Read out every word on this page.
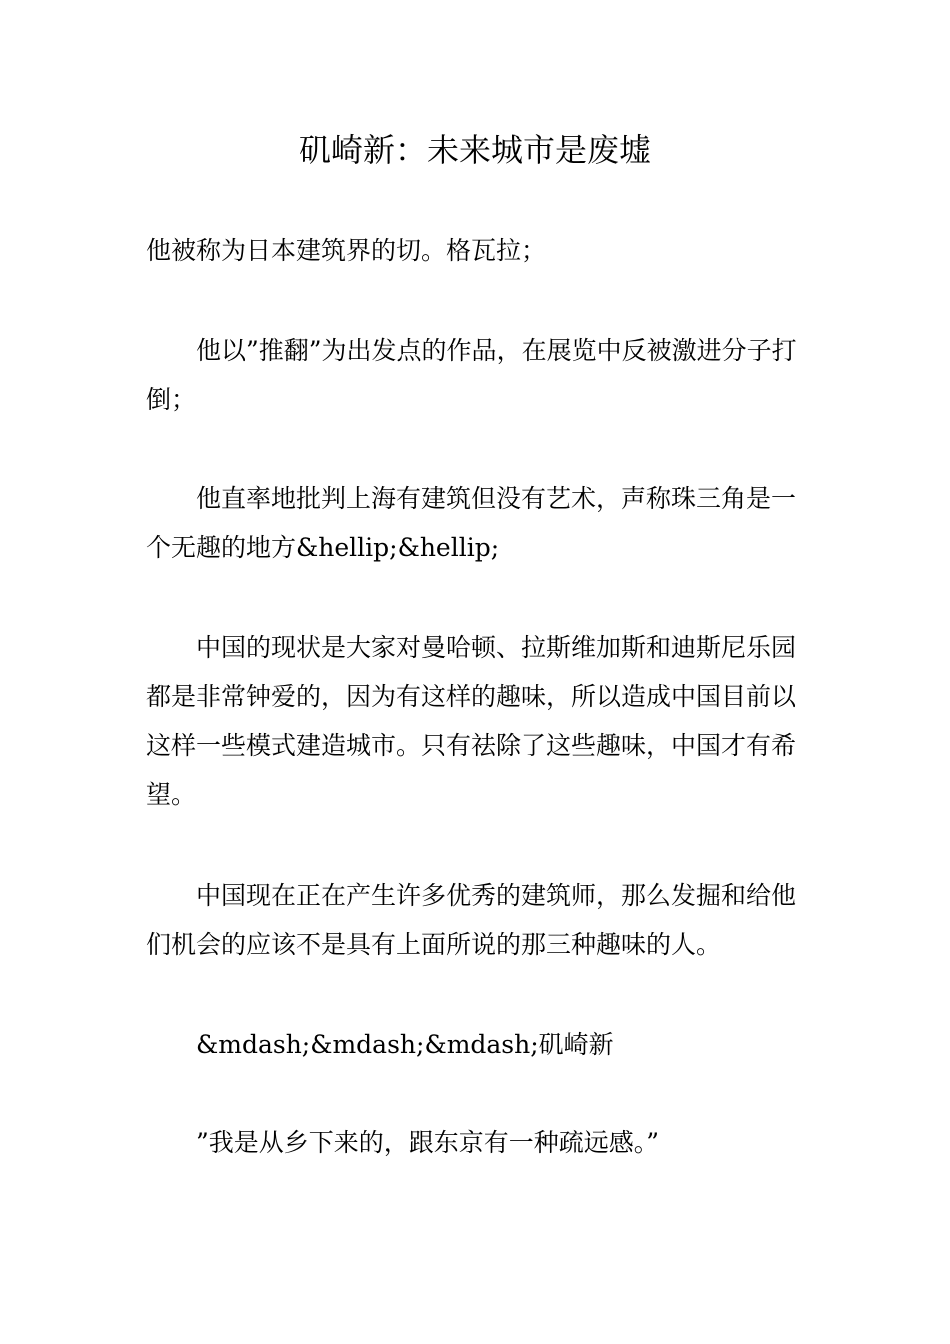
矶崎新：未来城市是废墟

他被称为日本建筑界的切。格瓦拉；

他以”推翻”为出发点的作品，在展览中反被激进分子打倒；

他直率地批判上海有建筑但没有艺术，声称珠三角是一个无趣的地方&hellip;&hellip;

中国的现状是大家对曼哈顿、拉斯维加斯和迪斯尼乐园都是非常钟爱的，因为有这样的趣味，所以造成中国目前以这样一些模式建造城市。只有祛除了这些趣味，中国才有希望。

中国现在正在产生许多优秀的建筑师，那么发掘和给他们机会的应该不是具有上面所说的那三种趣味的人。

&mdash;&mdash;&mdash;矶崎新

”我是从乡下来的，跟东京有一种疏远感。”
